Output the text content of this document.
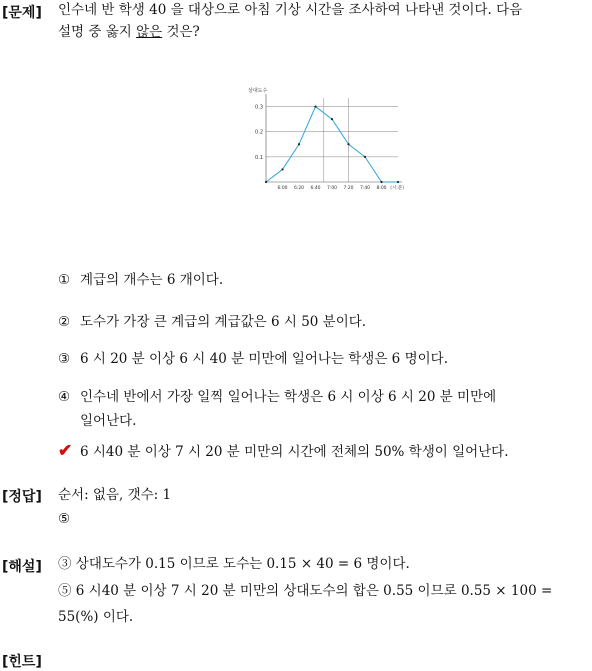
[문제] 인수네 반 학생 40 을 대상으로 아침 기상 시간을 조사하여 나타낸 것이다. 다음
설명 중 옳지 않은 것은?
상대도수
0.1
0.2
0.3
6:00 6:20 6:40 7:00 7:20 7:40 8:00 (시:분)
① 계급의 개수는 6 개이다.
② 도수가 가장 큰 계급의 계급값은 6 시 50 분이다.
③ 6 시 20 분 이상 6 시 40 분 미만에 일어나는 학생은 6 명이다.
④ 인수네 반에서 가장 일찍 일어나는 학생은 6 시 이상 6 시 20 분 미만에
일어난다.
✔ 6 시40 분 이상 7 시 20 분 미만의 시간에 전체의 50% 학생이 일어난다.
[정답] 순서: 없음, 갯수: 1
⑤
[해설] ③ 상대도수가 0.15 이므로 도수는 0.15 × 40 = 6 명이다.
⑤ 6 시40 분 이상 7 시 20 분 미만의 상대도수의 합은 0.55 이므로 0.55 × 100 =
55(%) 이다.
[힌트]
